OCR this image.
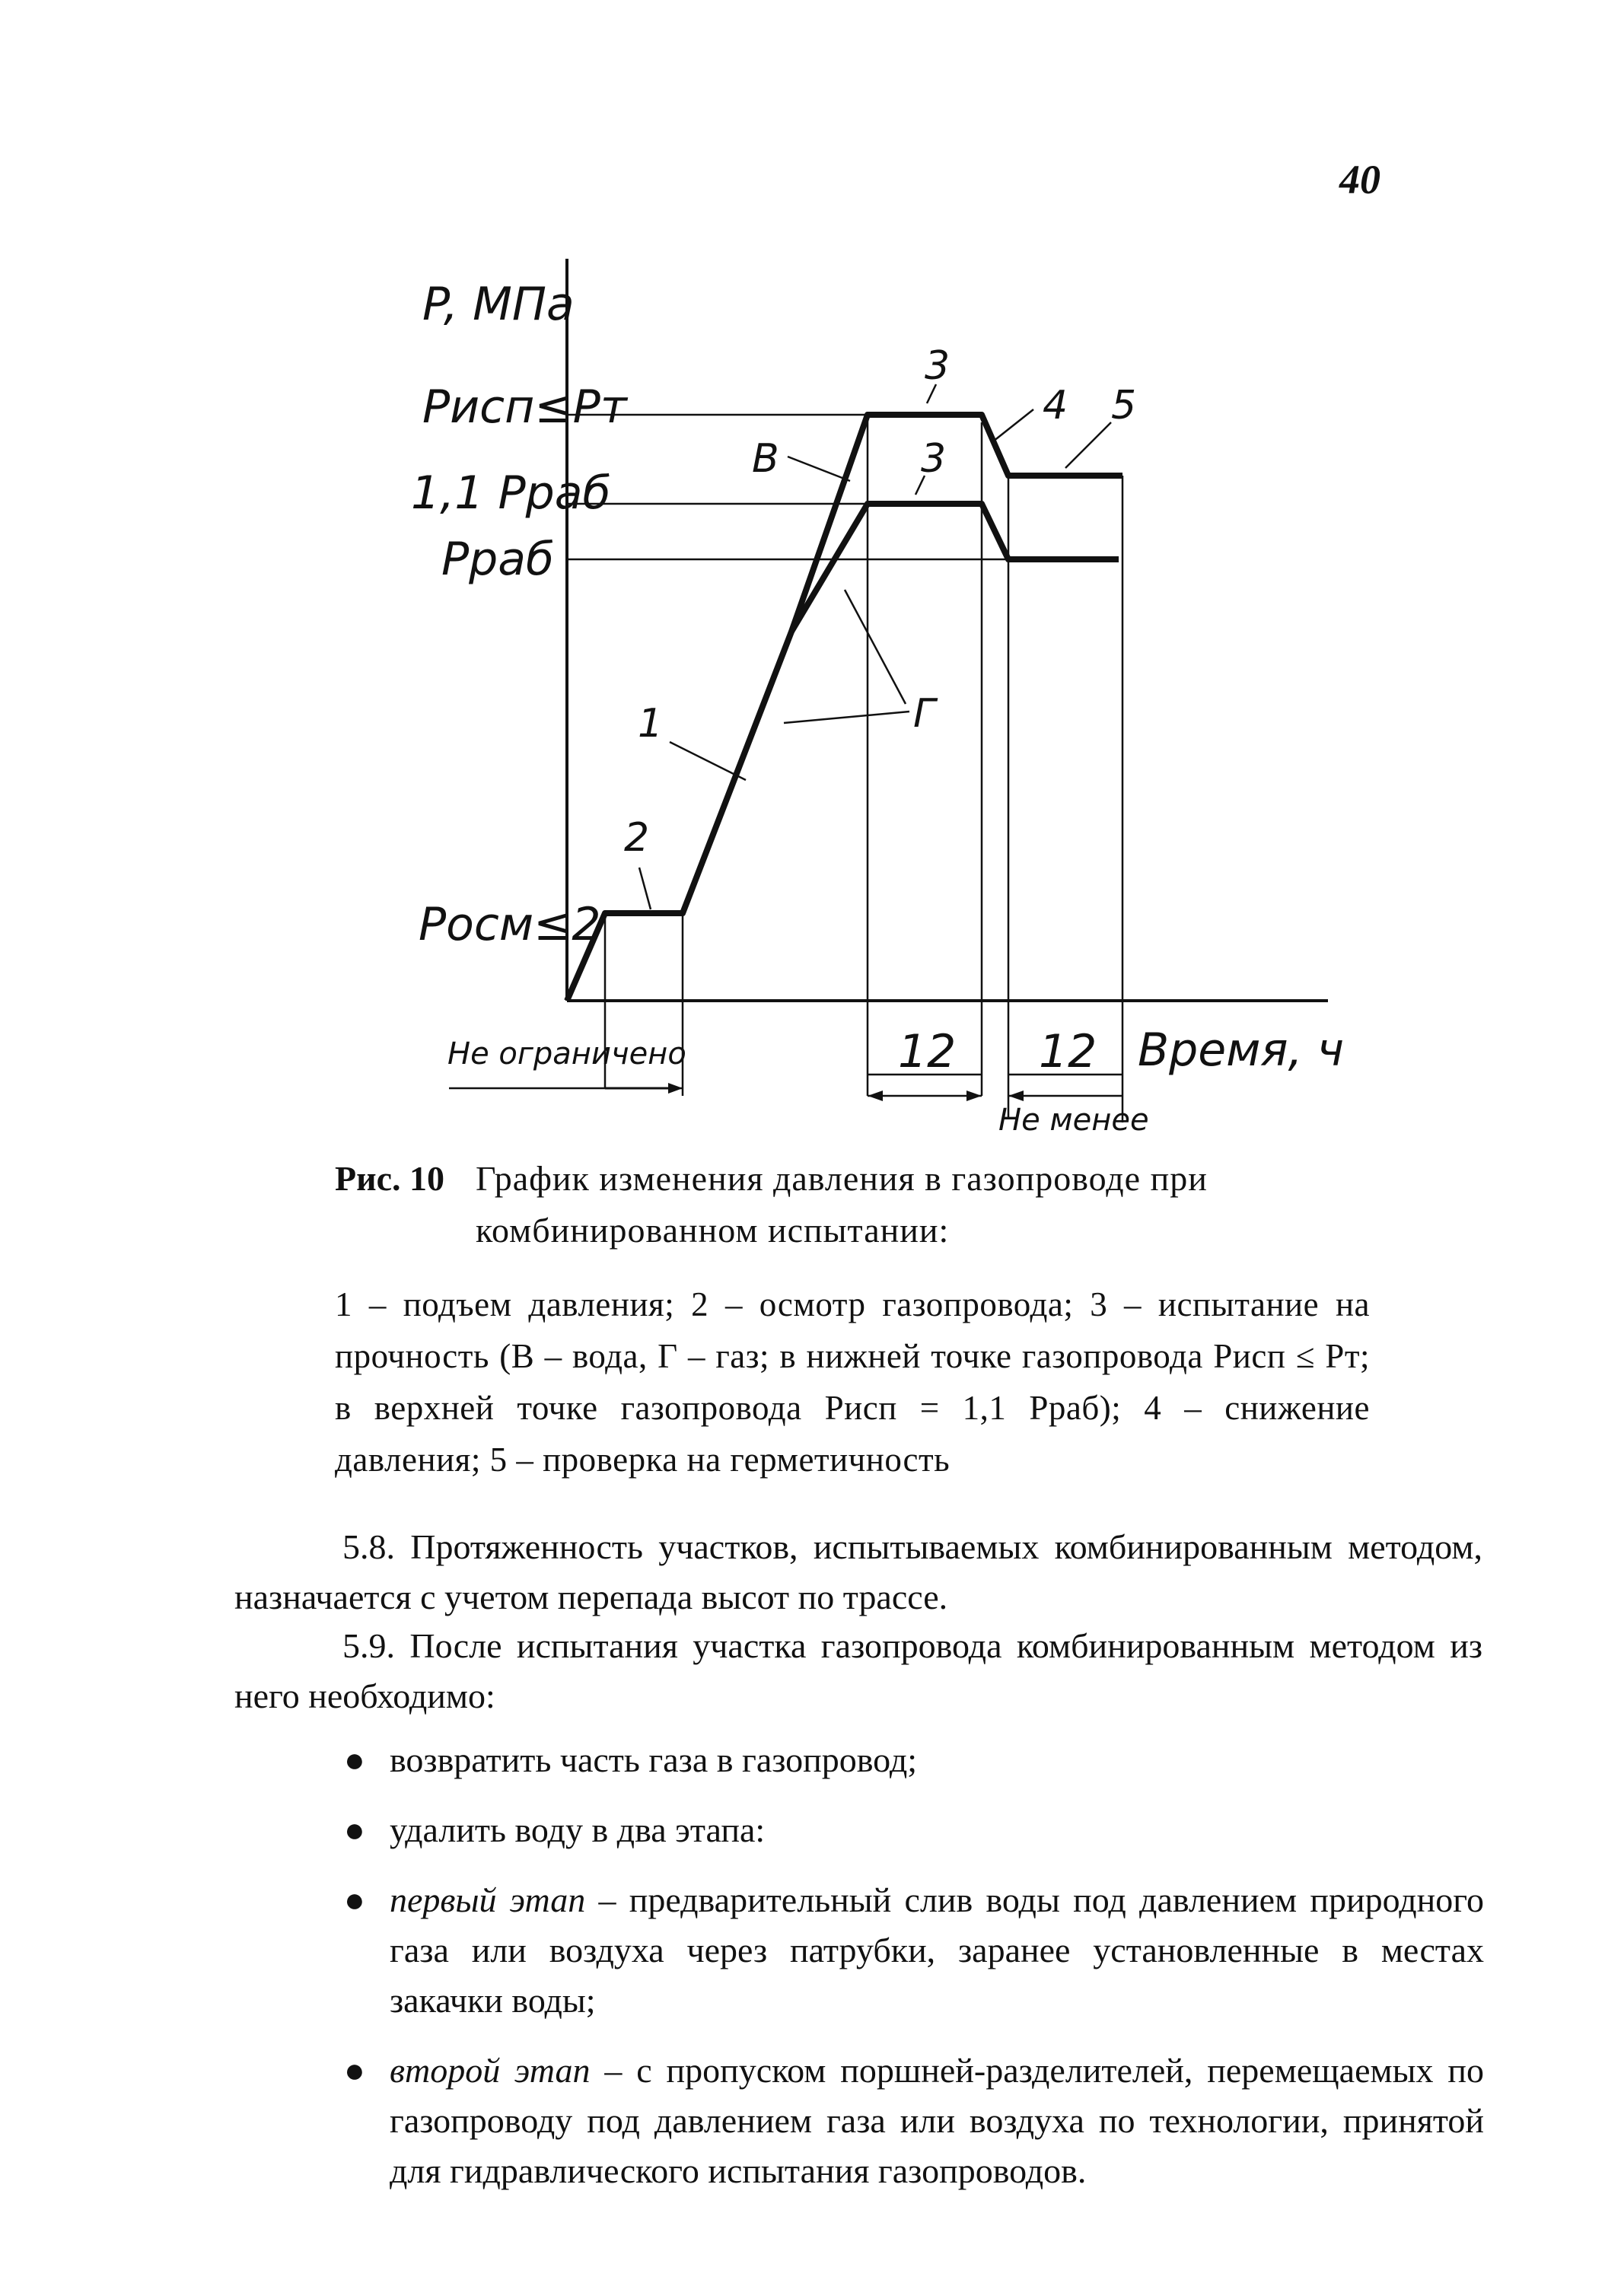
40
P, МПа
Рисп≤Рт
1,1 Рраб
Рраб
Росм≤2
3
3
4 5
В
Г
1
2
Время, ч
Не ограничено	12 12
Не менее
Рис. 10 График изменения давления в газопроводе при комбинированном испытании:

1 – подъем давления; 2 – осмотр газопровода; 3 – испытание на прочность (В – вода, Г – газ; в нижней точке газопровода Рисп ≤ Рт; в верхней точке газопровода Рисп = 1,1 Рраб); 4 – снижение давления; 5 – проверка на герметичность

5.8. Протяженность участков, испытываемых комбинированным методом, назначается с учетом перепада высот по трассе.

5.9. После испытания участка газопровода комбинированным методом из него необходимо:

● возвратить часть газа в газопровод;
● удалить воду в два этапа:
● первый этап – предварительный слив воды под давлением природного газа или воздуха через патрубки, заранее установленные в местах закачки воды;
● второй этап – с пропуском поршней-разделителей, перемещаемых по газопроводу под давлением газа или воздуха по технологии, принятой для гидравлического испытания газопроводов.
